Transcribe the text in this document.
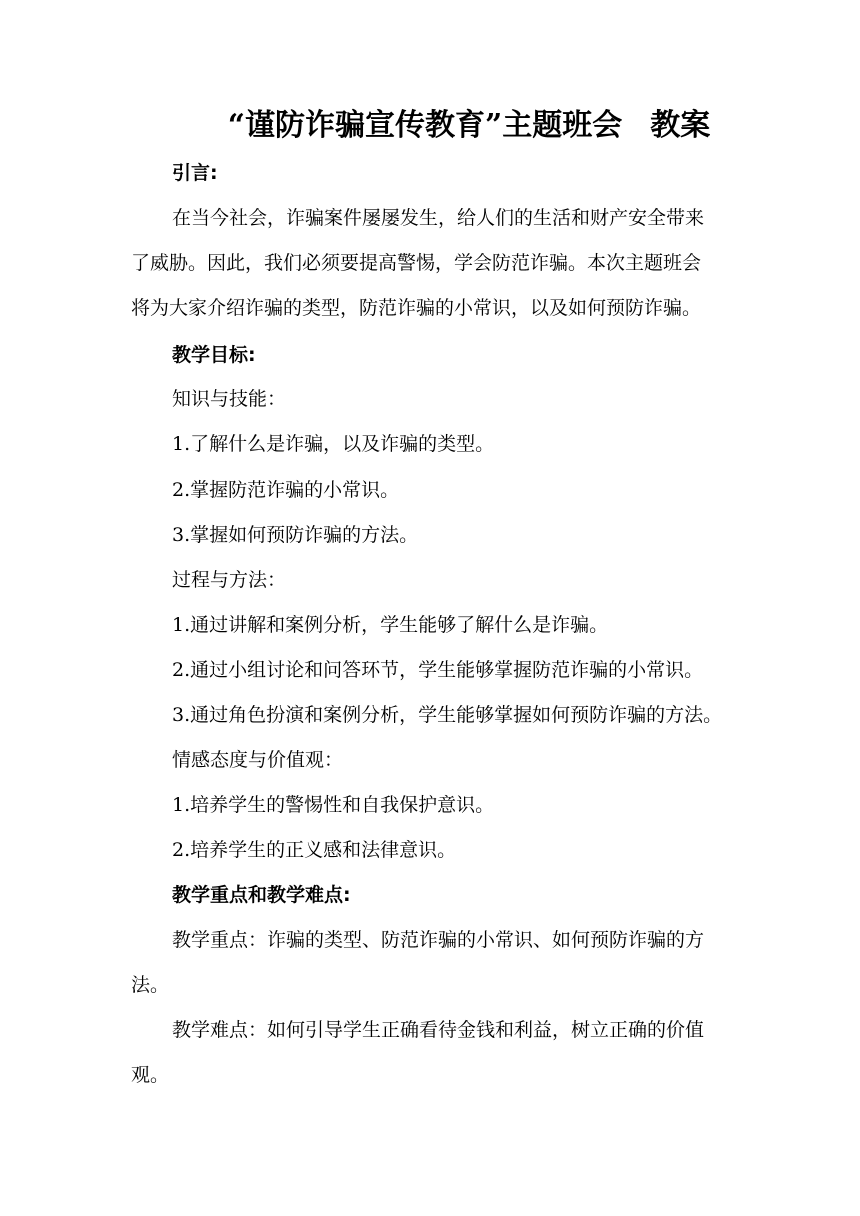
“谨防诈骗宣传教育”主题班会 教案
引言:
在当今社会，诈骗案件屡屡发生，给人们的生活和财产安全带来
了威胁。因此，我们必须要提高警惕，学会防范诈骗。本次主题班会
将为大家介绍诈骗的类型，防范诈骗的小常识，以及如何预防诈骗。
教学目标:
知识与技能：
1.了解什么是诈骗，以及诈骗的类型。
2.掌握防范诈骗的小常识。
3.掌握如何预防诈骗的方法。
过程与方法：
1.通过讲解和案例分析，学生能够了解什么是诈骗。
2.通过小组讨论和问答环节，学生能够掌握防范诈骗的小常识。
3.通过角色扮演和案例分析，学生能够掌握如何预防诈骗的方法。
情感态度与价值观：
1.培养学生的警惕性和自我保护意识。
2.培养学生的正义感和法律意识。
教学重点和教学难点:
教学重点：诈骗的类型、防范诈骗的小常识、如何预防诈骗的方
法。
教学难点：如何引导学生正确看待金钱和利益，树立正确的价值
观。
